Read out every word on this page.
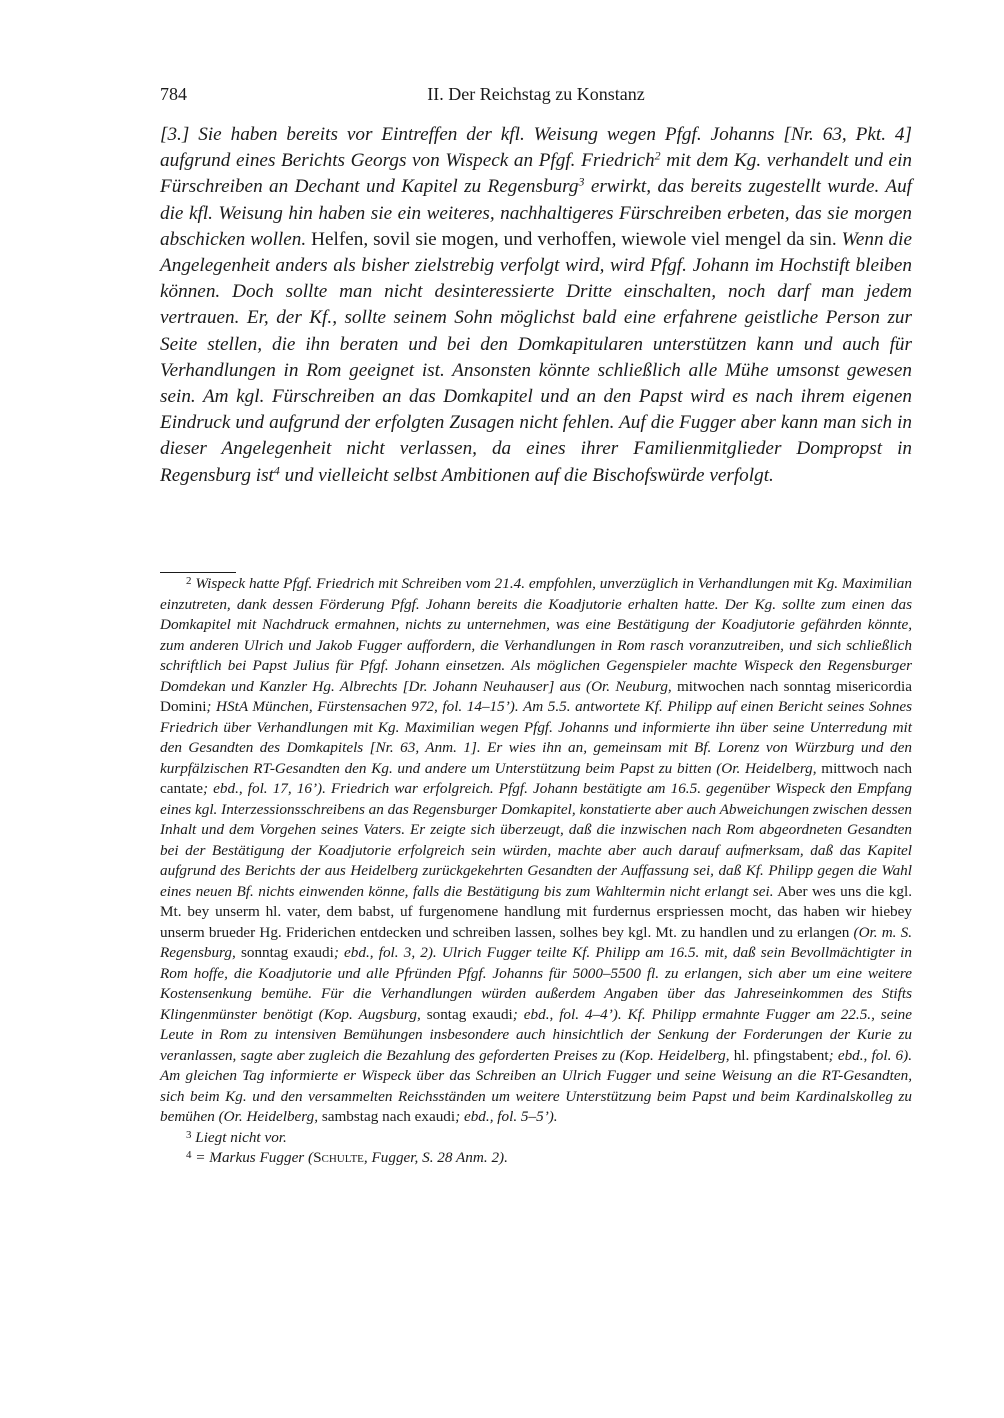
784	II. Der Reichstag zu Konstanz

[3.] Sie haben bereits vor Eintreffen der kfl. Weisung wegen Pfgf. Johanns [Nr. 63, Pkt. 4] aufgrund eines Berichts Georgs von Wispeck an Pfgf. Friedrich$^2$ mit dem Kg. verhandelt und ein Fürschreiben an Dechant und Kapitel zu Regensburg$^3$ erwirkt, das bereits zugestellt wurde. Auf die kfl. Weisung hin haben sie ein weiteres, nachhaltigeres Fürschreiben erbeten, das sie morgen abschicken wollen. Helfen, sovil sie mogen, und verhoffen, wiewole viel mengel da sin. Wenn die Angelegenheit anders als bisher zielstrebig verfolgt wird, wird Pfgf. Johann im Hochstift bleiben können. Doch sollte man nicht desinteressierte Dritte einschalten, noch darf man jedem vertrauen. Er, der Kf., sollte seinem Sohn möglichst bald eine erfahrene geistliche Person zur Seite stellen, die ihn beraten und bei den Domkapitularen unterstützen kann und auch für Verhandlungen in Rom geeignet ist. Ansonsten könnte schließlich alle Mühe umsonst gewesen sein. Am kgl. Fürschreiben an das Domkapitel und an den Papst wird es nach ihrem eigenen Eindruck und aufgrund der erfolgten Zusagen nicht fehlen. Auf die Fugger aber kann man sich in dieser Angelegenheit nicht verlassen, da eines ihrer Familienmitglieder Dompropst in Regensburg ist$^4$ und vielleicht selbst Ambitionen auf die Bischofswürde verfolgt.

$^2$ Wispeck hatte Pfgf. Friedrich mit Schreiben vom 21.4. empfohlen, unverzüglich in Verhandlungen mit Kg. Maximilian einzutreten, dank dessen Förderung Pfgf. Johann bereits die Koadjutorie erhalten hatte. Der Kg. sollte zum einen das Domkapitel mit Nachdruck ermahnen, nichts zu unternehmen, was eine Bestätigung der Koadjutorie gefährden könnte, zum anderen Ulrich und Jakob Fugger auffordern, die Verhandlungen in Rom rasch voranzutreiben, und sich schließlich schriftlich bei Papst Julius für Pfgf. Johann einsetzen. Als möglichen Gegenspieler machte Wispeck den Regensburger Domdekan und Kanzler Hg. Albrechts [Dr. Johann Neuhauser] aus (Or. Neuburg, mitwochen nach sonntag misericordia Domini; HStA München, Fürstensachen 972, fol. 14–15’). Am 5.5. antwortete Kf. Philipp auf einen Bericht seines Sohnes Friedrich über Verhandlungen mit Kg. Maximilian wegen Pfgf. Johanns und informierte ihn über seine Unterredung mit den Gesandten des Domkapitels [Nr. 63, Anm. 1]. Er wies ihn an, gemeinsam mit Bf. Lorenz von Würzburg und den kurpfälzischen RT-Gesandten den Kg. und andere um Unterstützung beim Papst zu bitten (Or. Heidelberg, mittwoch nach cantate; ebd., fol. 17, 16’). Friedrich war erfolgreich. Pfgf. Johann bestätigte am 16.5. gegenüber Wispeck den Empfang eines kgl. Interzessionsschreibens an das Regensburger Domkapitel, konstatierte aber auch Abweichungen zwischen dessen Inhalt und dem Vorgehen seines Vaters. Er zeigte sich überzeugt, daß die inzwischen nach Rom abgeordneten Gesandten bei der Bestätigung der Koadjutorie erfolgreich sein würden, machte aber auch darauf aufmerksam, daß das Kapitel aufgrund des Berichts der aus Heidelberg zurückgekehrten Gesandten der Auffassung sei, daß Kf. Philipp gegen die Wahl eines neuen Bf. nichts einwenden könne, falls die Bestätigung bis zum Wahltermin nicht erlangt sei. Aber wes uns die kgl. Mt. bey unserm hl. vater, dem babst, uf furgenomene handlung mit furdernus erspriessen mocht, das haben wir hiebey unserm brueder Hg. Friderichen entdecken und schreiben lassen, solhes bey kgl. Mt. zu handlen und zu erlangen (Or. m. S. Regensburg, sonntag exaudi; ebd., fol. 3, 2). Ulrich Fugger teilte Kf. Philipp am 16.5. mit, daß sein Bevollmächtigter in Rom hoffe, die Koadjutorie und alle Pfründen Pfgf. Johanns für 5000–5500 fl. zu erlangen, sich aber um eine weitere Kostensenkung bemühe. Für die Verhandlungen würden außerdem Angaben über das Jahreseinkommen des Stifts Klingenmünster benötigt (Kop. Augsburg, sontag exaudi; ebd., fol. 4–4’). Kf. Philipp ermahnte Fugger am 22.5., seine Leute in Rom zu intensiven Bemühungen insbesondere auch hinsichtlich der Senkung der Forderungen der Kurie zu veranlassen, sagte aber zugleich die Bezahlung des geforderten Preises zu (Kop. Heidelberg, hl. pfingstabent; ebd., fol. 6). Am gleichen Tag informierte er Wispeck über das Schreiben an Ulrich Fugger und seine Weisung an die RT-Gesandten, sich beim Kg. und den versammelten Reichsständen um weitere Unterstützung beim Papst und beim Kardinalskolleg zu bemühen (Or. Heidelberg, sambstag nach exaudi; ebd., fol. 5–5’).

$^3$ Liegt nicht vor.

$^4$ = Markus Fugger (Schulte, Fugger, S. 28 Anm. 2).
